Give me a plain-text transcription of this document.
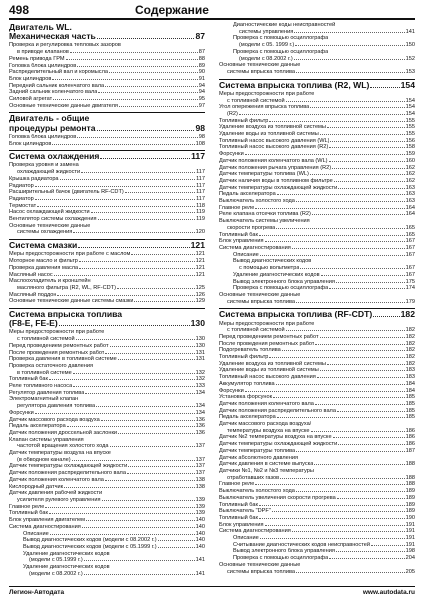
498	Содержание
Двигатель WL.
Механическая часть	87
Проверка и регулировка тепловых зазоров
в приводе клапанов	87
Ремень привода ГРМ	88
Головка блока цилиндров	89
Распределительный вал и коромысла	90
Блок цилиндров	91
Передний сальник коленчатого вала	94
Задний сальник коленчатого вала	94
Силовой агрегат	95
Основные технические данные двигателя	97
Двигатель - общие
процедуры ремонта	98
Головка блока цилиндров	98
Блок цилиндров	108
Система охлаждения	117
Проверка уровня и замена
охлаждающей жидкости	117
Крышка радиатора	117
Радиатор	117
Расширительный бачок (двигатель RF-CDT)	117
Радиатор	117
Термостат	118
Насос охлаждающей жидкости	119
Вентилятор системы охлаждения	119
Основные технические данные
системы охлаждения	120
Система смазки	121
Меры предосторожности при работе с маслом	121
Моторное масло и фильтр	121
Проверка давления масла	121
Масляный насос	121
Маслоохладитель и кронштейн
масляного фильтра (R2, WL, RF-CDT)	125
Масляный поддон	126
Основные технические данные системы смазки	129
Система впрыска топлива
(F8-E, FE-E)	130
Меры предосторожности при работе
с топливной системой	130
Перед проведением ремонтных работ	130
После проведения ремонтных работ	131
Проверка давления в топливной системе	131
Проверка остаточного давления
в топливной системе	132
Топливный бак	132
Реле топливного насоса	133
Регулятор давления топлива	134
Электромагнитный клапан
регулятора давления топлива	134
Форсунки	134
Датчик массового расхода воздуха	136
Педаль акселератора	136
Датчик положения дроссельной заслонки	136
Клапан системы управления
частотой вращения холостого хода	137
Датчик температуры воздуха на впуске
(в обводном канале)	137
Датчик температуры охлаждающей жидкости	137
Датчик положения распределительного вала	137
Датчик положения коленчатого вала	138
Кислородный датчик	138
Датчик давления рабочей жидкости
усилителя рулевого управления	139
Главное реле	139
Топливный бак	139
Блок управления двигателем	140
Система диагностирования	140
Описание	140
Вывод диагностических кодов (модели с 08.2002 г.)	140
Вывод диагностических кодов (модели с 05.1999 г.)	140
Удаление диагностических кодов
(модели с 05.1999 г.)	141
Удаление диагностических кодов
(модели с 08.2002 г.)	141
Диагностические коды неисправностей
системы управления	141
Проверка с помощью осциллографа
(модели с 05. 1999 г.)	150
Проверка с помощью осциллографа
(модели с 08.2002 г.)	152
Основные технические данные
системы впрыска топлива	153
Система впрыска топлива (R2, WL)	154
Меры предосторожности при работе
с топливной системой	154
Угол опережения впрыска топлива	154
(R2)	154
Топливный фильтр	155
Удаление воздуха из топливной системы	155
Удаление воды из топливной системы	155
Топливный насос высокого давления (WL)	156
Топливный насос высокого давления (R2)	158
Форсунки	159
Датчик положения коленчатого вала (WL)	160
Датчик положения рычага управления (R2)	162
Датчик температуры топлива (WL)	162
Датчик наличия воды в топливном фильтре	162
Датчик температуры охлаждающей жидкости	163
Педаль акселератора	163
Выключатель холостого хода	163
Главное реле	164
Реле клапана отсечки топлива (R2)	164
Выключатель системы увеличения
скорости прогрева	165
Топливный бак	165
Блок управления	167
Система диагностирования	167
Описание	167
Вывод диагностических кодов
с помощью вольтметра	167
Удаление диагностических кодов	167
Вывод электронного блока управления	175
Проверка с помощью осциллографа	174
Основные технические данные
системы впрыска топлива	179
Система впрыска топлива (RF-CDT)	182
Меры предосторожности при работе
с топливной системой	182
Перед проведением ремонтных работ	182
После проведения ремонтных работ	182
Подогреватель топлива	182
Топливный фильтр	182
Удаление воздуха из топливной системы	182
Удаление воды из топливной системы	183
Топливный насос высокого давления	183
Аккумулятор топлива	184
Форсунки	184
Установка форсунок	185
Датчик положения коленчатого вала	185
Датчик положения распределительного вала	185
Педаль акселератора	185
Датчик массового расхода воздуха/
температуры воздуха на впуске	186
Датчик №2 температуры воздуха на впуске	186
Датчик температуры охлаждающей жидкости	186
Датчик температуры топлива	187
Датчик абсолютного давления
Датчик давления в системе выпуска	188
Датчики №1, №2 и №3 температуры
отработавших газов	188
Главное реле	188
Выключатель холостого хода	189
Выключатель увеличения скорости прогрева	189
Топливный бак	189
Выключатель "DPF"	189
Топливный бак	190
Блок управления	191
Система диагностирования	191
Описание	191
Считывание диагностических кодов неисправностей	191
Вывод электронного блока управления	198
Проверка с помощью осциллографа	204
Основные технические данные
системы впрыска топлива	205
Легион-Автодата	www.autodata.ru
